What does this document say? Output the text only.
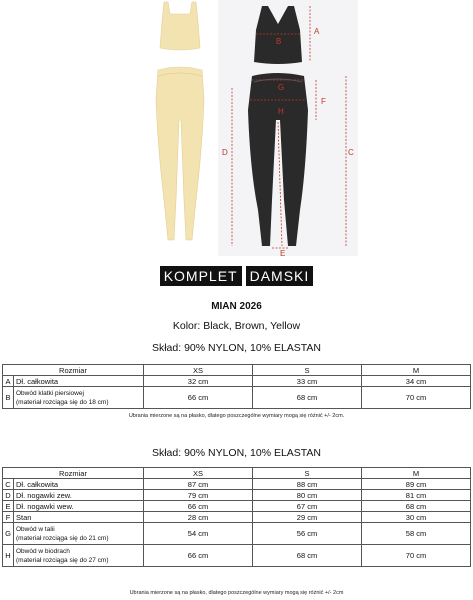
A
B
C
D
E
F
G
H
KOMPLET DAMSKI
MIAN 2026
Kolor: Black, Brown, Yellow
Skład: 90% NYLON, 10% ELASTAN
Rozmiar		XS	S	M
A	Dł. całkowita	32 cm	33 cm	34 cm
B	Obwód klatki piersiowej
(materiał rozciąga się do 18 cm)	66 cm	68 cm	70 cm
Ubrania mierzone są na płasko, dlatego poszczególne wymiary mogą się różnić +/- 2cm.
Skład: 90% NYLON, 10% ELASTAN
Rozmiar		XS	S	M
C	Dł. całkowita	87 cm	88 cm	89 cm
D	Dł. nogawki zew.	79 cm	80 cm	81 cm
E	Dł. nogawki wew.	66 cm	67 cm	68 cm
F	Stan	28 cm	29 cm	30 cm
G	Obwód w talii
(materiał rozciąga się do 21 cm)	54 cm	56 cm	58 cm
H	Obwód w biodrach
(materiał rozciąga się do 27 cm)	66 cm	68 cm	70 cm
Ubrania mierzone są na płasko, dlatego poszczególne wymiary mogą się różnić +/- 2cm
